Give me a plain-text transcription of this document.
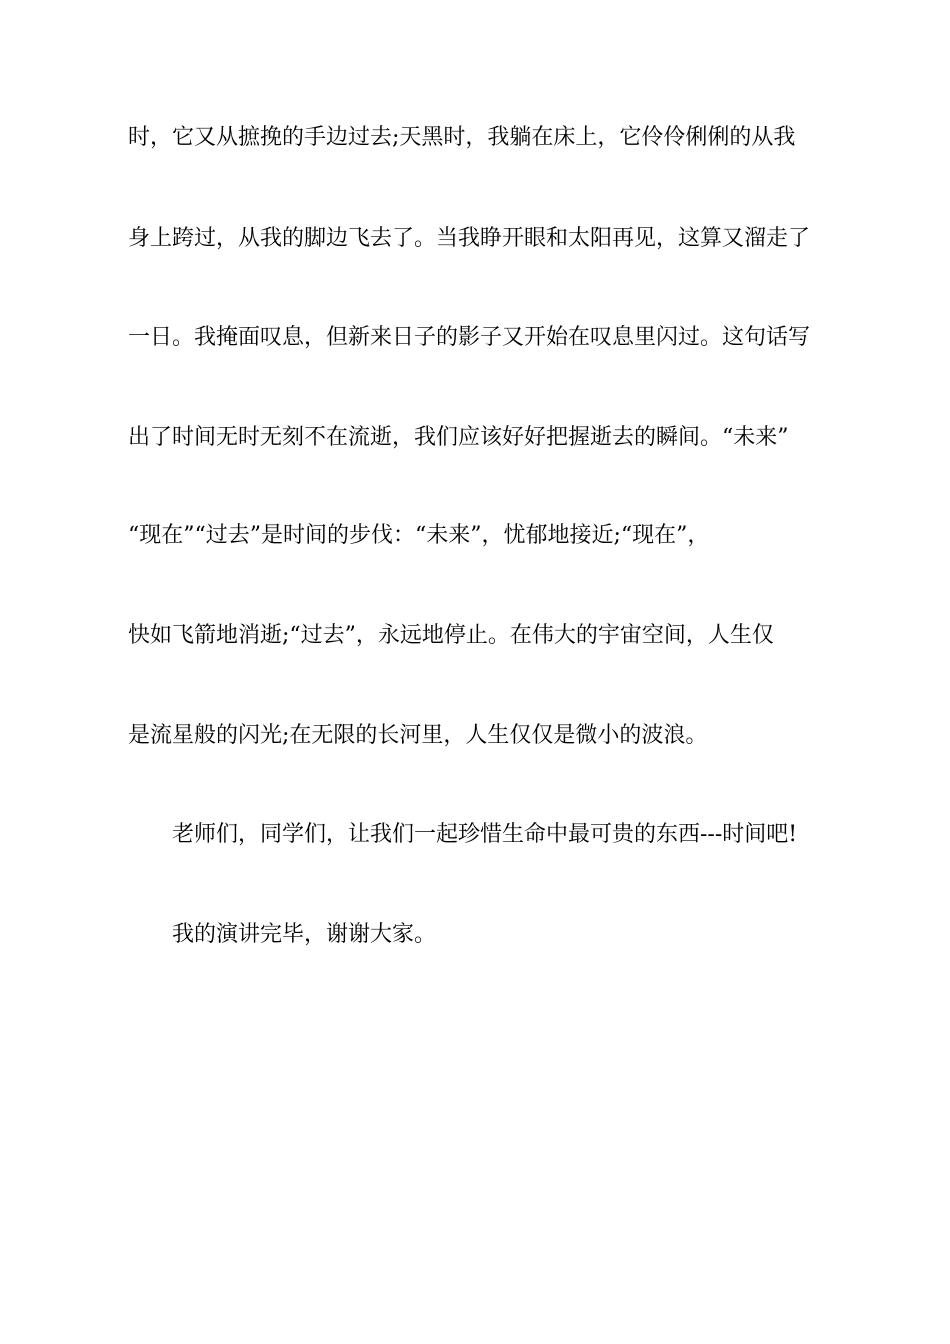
时，它又从摭挽的手边过去;天黑时，我躺在床上，它伶伶俐俐的从我
身上跨过，从我的脚边飞去了。当我睁开眼和太阳再见，这算又溜走了
一日。我掩面叹息，但新来日子的影子又开始在叹息里闪过。这句话写
出了时间无时无刻不在流逝，我们应该好好把握逝去的瞬间。“未来”
“现在”“过去”是时间的步伐：“未来”，忧郁地接近;“现在”，
快如飞箭地消逝;“过去”，永远地停止。在伟大的宇宙空间，人生仅
是流星般的闪光;在无限的长河里，人生仅仅是微小的波浪。
老师们，同学们，让我们一起珍惜生命中最可贵的东西---时间吧!
我的演讲完毕，谢谢大家。
